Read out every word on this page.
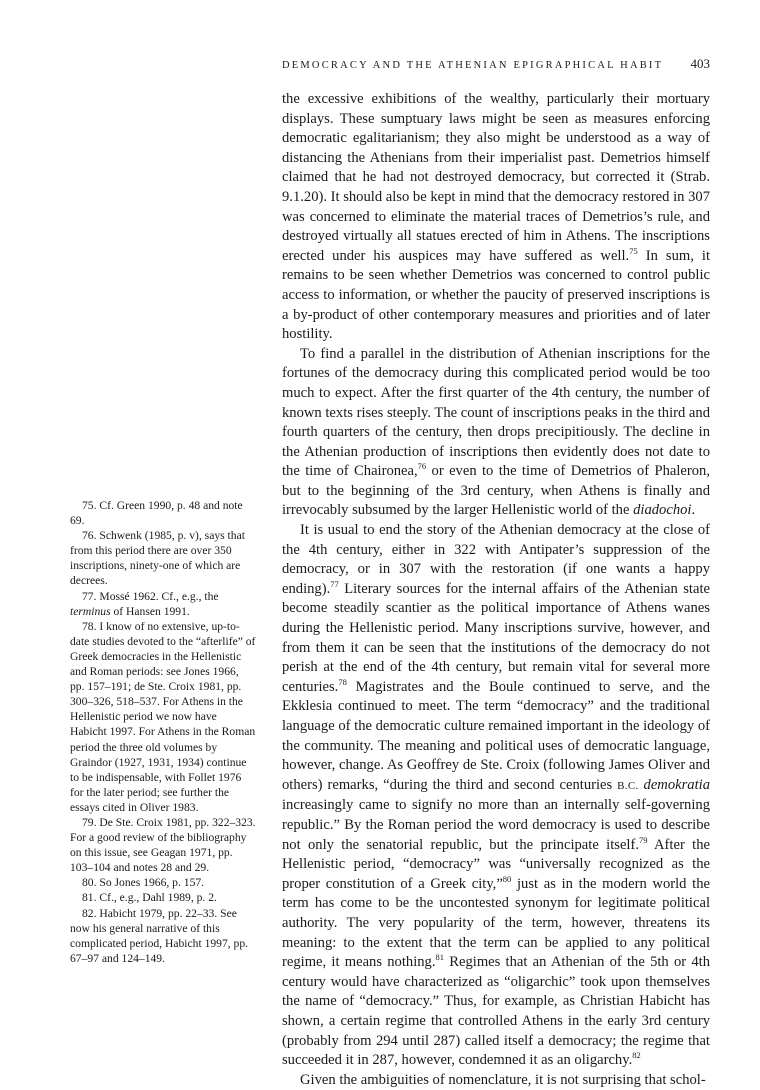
DEMOCRACY AND THE ATHENIAN EPIGRAPHICAL HABIT 403

the excessive exhibitions of the wealthy, particularly their mortuary displays. These sumptuary laws might be seen as measures enforcing democratic egalitarianism; they also might be understood as a way of distancing the Athenians from their imperialist past. Demetrios himself claimed that he had not destroyed democracy, but corrected it (Strab. 9.1.20). It should also be kept in mind that the democracy restored in 307 was concerned to eliminate the material traces of Demetrios’s rule, and destroyed virtually all statues erected of him in Athens. The inscriptions erected under his auspices may have suffered as well.$^{75}$ In sum, it remains to be seen whether Demetrios was concerned to control public access to information, or whether the paucity of preserved inscriptions is a by-product of other contemporary measures and priorities and of later hostility.

To find a parallel in the distribution of Athenian inscriptions for the fortunes of the democracy during this complicated period would be too much to expect. After the first quarter of the 4th century, the number of known texts rises steeply. The count of inscriptions peaks in the third and fourth quarters of the century, then drops precipitiously. The decline in the Athenian production of inscriptions then evidently does not date to the time of Chaironea,$^{76}$ or even to the time of Demetrios of Phaleron, but to the beginning of the 3rd century, when Athens is finally and irrevocably subsumed by the larger Hellenistic world of the diadochoi.

It is usual to end the story of the Athenian democracy at the close of the 4th century, either in 322 with Antipater’s suppression of the democracy, or in 307 with the restoration (if one wants a happy ending).$^{77}$ Literary sources for the internal affairs of the Athenian state become steadily scantier as the political importance of Athens wanes during the Hellenistic period. Many inscriptions survive, however, and from them it can be seen that the institutions of the democracy do not perish at the end of the 4th century, but remain vital for several more centuries.$^{78}$ Magistrates and the Boule continued to serve, and the Ekklesia continued to meet. The term “democracy” and the traditional language of the democratic culture remained important in the ideology of the community. The meaning and political uses of democratic language, however, change. As Geoffrey de Ste. Croix (following James Oliver and others) remarks, “during the third and second centuries B.C. demokratia increasingly came to signify no more than an internally self-governing republic.” By the Roman period the word democracy is used to describe not only the senatorial republic, but the principate itself.$^{79}$ After the Hellenistic period, “democracy” was “universally recognized as the proper constitution of a Greek city,”$^{80}$ just as in the modern world the term has come to be the uncontested synonym for legitimate political authority. The very popularity of the term, however, threatens its meaning: to the extent that the term can be applied to any political regime, it means nothing.$^{81}$ Regimes that an Athenian of the 5th or 4th century would have characterized as “oligarchic” took upon themselves the name of “democracy.” Thus, for example, as Christian Habicht has shown, a certain regime that controlled Athens in the early 3rd century (probably from 294 until 287) called itself a democracy; the regime that succeeded it in 287, however, condemned it as an oligarchy.$^{82}$

Given the ambiguities of nomenclature, it is not surprising that schol-

75. Cf. Green 1990, p. 48 and note 69.

76. Schwenk (1985, p. v), says that from this period there are over 350 inscriptions, ninety-one of which are decrees.

77. Mossé 1962. Cf., e.g., the terminus of Hansen 1991.

78. I know of no extensive, up-to-date studies devoted to the “afterlife” of Greek democracies in the Hellenistic and Roman periods: see Jones 1966, pp. 157–191; de Ste. Croix 1981, pp. 300–326, 518–537. For Athens in the Hellenistic period we now have Habicht 1997. For Athens in the Roman period the three old volumes by Graindor (1927, 1931, 1934) continue to be indispensable, with Follet 1976 for the later period; see further the essays cited in Oliver 1983.

79. De Ste. Croix 1981, pp. 322–323. For a good review of the bibliography on this issue, see Geagan 1971, pp. 103–104 and notes 28 and 29.

80. So Jones 1966, p. 157.

81. Cf., e.g., Dahl 1989, p. 2.

82. Habicht 1979, pp. 22–33. See now his general narrative of this complicated period, Habicht 1997, pp. 67–97 and 124–149.
